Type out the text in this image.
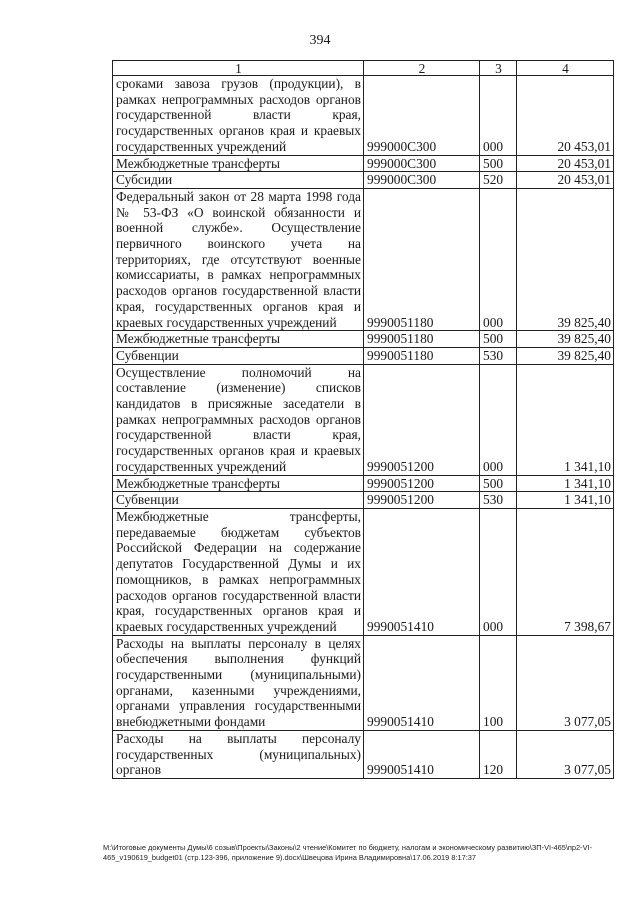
394
1	2	3	4
сроками завоза грузов (продукции), в рамках непрограммных расходов органов государственной власти края, государственных органов края и краевых государственных учреждений	999000С300	000	20 453,01
Межбюджетные трансферты	999000С300	500	20 453,01
Субсидии	999000С300	520	20 453,01
Федеральный закон от 28 марта 1998 года № 53-ФЗ «О воинской обязанности и военной службе». Осуществление первичного воинского учета на территориях, где отсутствуют военные комиссариаты, в рамках непрограммных расходов органов государственной власти края, государственных органов края и краевых государственных учреждений	9990051180	000	39 825,40
Межбюджетные трансферты	9990051180	500	39 825,40
Субвенции	9990051180	530	39 825,40
Осуществление полномочий на составление (изменение) списков кандидатов в присяжные заседатели в рамках непрограммных расходов органов государственной власти края, государственных органов края и краевых государственных учреждений	9990051200	000	1 341,10
Межбюджетные трансферты	9990051200	500	1 341,10
Субвенции	9990051200	530	1 341,10
Межбюджетные трансферты, передаваемые бюджетам субъектов Российской Федерации на содержание депутатов Государственной Думы и их помощников, в рамках непрограммных расходов органов государственной власти края, государственных органов края и краевых государственных учреждений	9990051410	000	7 398,67
Расходы на выплаты персоналу в целях обеспечения выполнения функций государственными (муниципальными) органами, казенными учреждениями, органами управления государственными внебюджетными фондами	9990051410	100	3 077,05
Расходы на выплаты персоналу государственных (муниципальных) органов	9990051410	120	3 077,05
M:\Итоговые документы Думы\6 созыв\Проекты\Законы\2 чтение\Комитет по бюджету, налогам и экономическому развитию\ЗП-VI-465\пр2-VI-465_v190619_budget01 (стр.123-396, приложение 9).docx\Швецова Ирина Владимировна\17.06.2019 8:17:37
